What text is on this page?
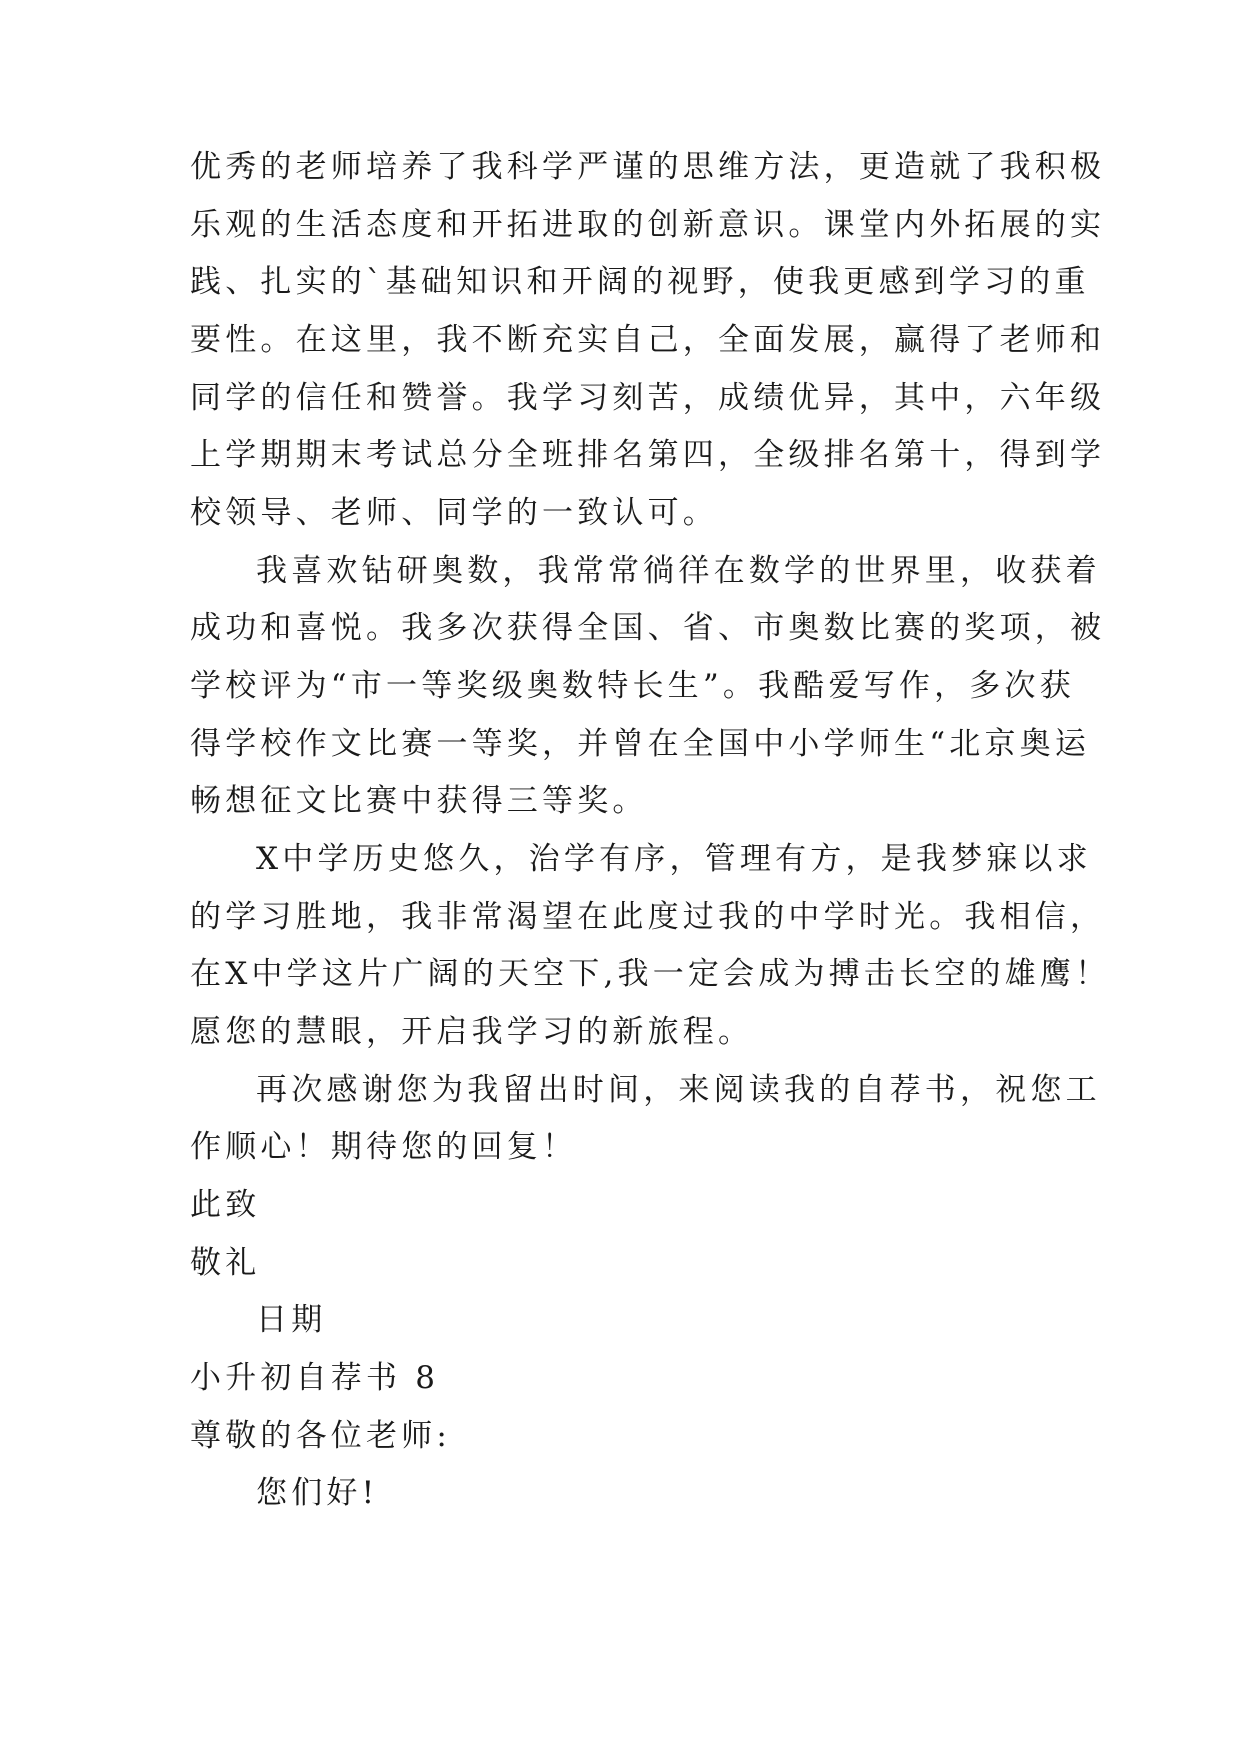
优秀的老师培养了我科学严谨的思维方法，更造就了我积极
乐观的生活态度和开拓进取的创新意识。课堂内外拓展的实
践、扎实的`基础知识和开阔的视野，使我更感到学习的重
要性。在这里，我不断充实自己，全面发展，赢得了老师和
同学的信任和赞誉。我学习刻苦，成绩优异，其中，六年级
上学期期末考试总分全班排名第四，全级排名第十，得到学
校领导、老师、同学的一致认可。
我喜欢钻研奥数，我常常徜徉在数学的世界里，收获着
成功和喜悦。我多次获得全国、省、市奥数比赛的奖项，被
学校评为“市一等奖级奥数特长生”。我酷爱写作，多次获
得学校作文比赛一等奖，并曾在全国中小学师生“北京奥运
畅想征文比赛中获得三等奖。
X中学历史悠久，治学有序，管理有方，是我梦寐以求
的学习胜地，我非常渴望在此度过我的中学时光。我相信，
在X中学这片广阔的天空下,我一定会成为搏击长空的雄鹰！
愿您的慧眼，开启我学习的新旅程。
再次感谢您为我留出时间，来阅读我的自荐书，祝您工
作顺心！期待您的回复！
此致
敬礼
日期
小升初自荐书 8
尊敬的各位老师:
您们好!
